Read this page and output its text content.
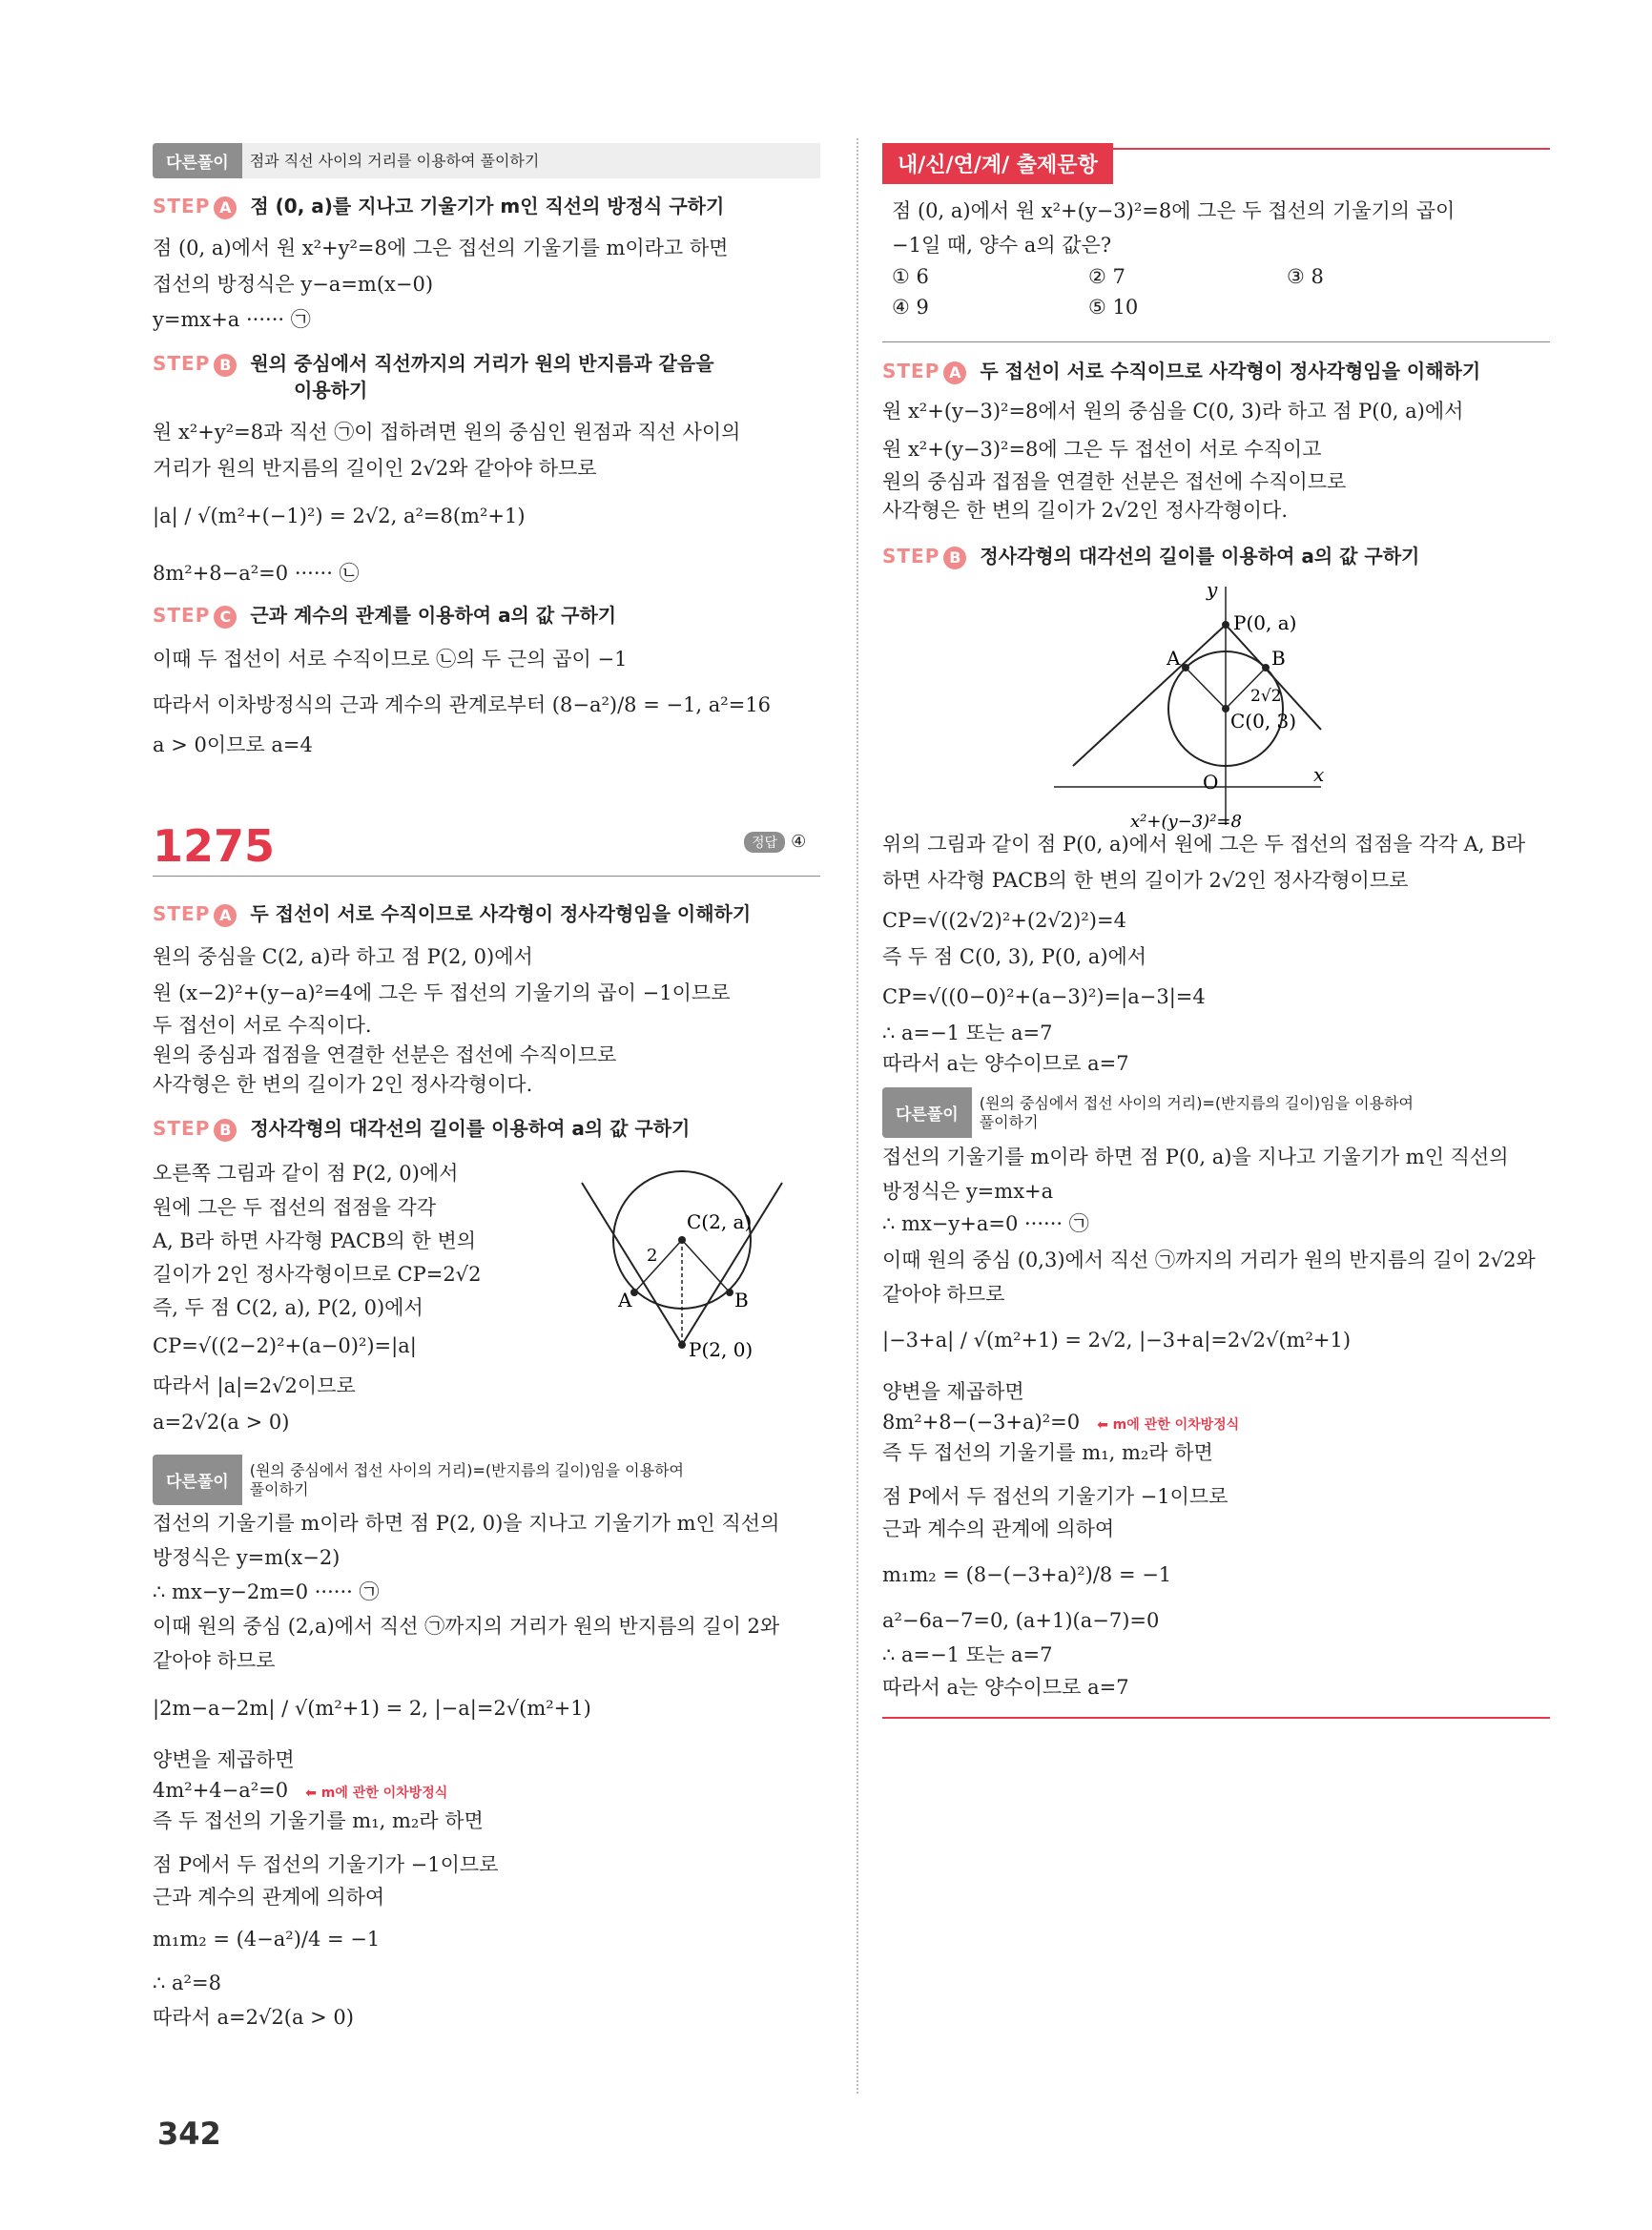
다른풀이	점과 직선 사이의 거리를 이용하여 풀이하기
STEP A 점 (0, a)를 지나고 기울기가 m인 직선의 방정식 구하기
점 (0, a)에서 원 x²+y²=8에 그은 접선의 기울기를 m이라고 하면
접선의 방정식은 y−a=m(x−0)
y=mx+a ······ ㉠
STEP B 원의 중심에서 직선까지의 거리가 원의 반지름과 같음을
이용하기
원 x²+y²=8과 직선 ㉠이 접하려면 원의 중심인 원점과 직선 사이의
거리가 원의 반지름의 길이인 2√2와 같아야 하므로
|a| / √(m²+(−1)²) = 2√2, a²=8(m²+1)
8m²+8−a²=0 ······ ㉡
STEP C 근과 계수의 관계를 이용하여 a의 값 구하기
이때 두 접선이 서로 수직이므로 ㉡의 두 근의 곱이 −1
따라서 이차방정식의 근과 계수의 관계로부터 (8−a²)/8 = −1, a²=16
a > 0이므로 a=4
1275	정답 ④
STEP A 두 접선이 서로 수직이므로 사각형이 정사각형임을 이해하기
원의 중심을 C(2, a)라 하고 점 P(2, 0)에서
원 (x−2)²+(y−a)²=4에 그은 두 접선의 기울기의 곱이 −1이므로
두 접선이 서로 수직이다.
원의 중심과 접점을 연결한 선분은 접선에 수직이므로
사각형은 한 변의 길이가 2인 정사각형이다.
STEP B 정사각형의 대각선의 길이를 이용하여 a의 값 구하기
오른쪽 그림과 같이 점 P(2, 0)에서
원에 그은 두 접선의 접점을 각각
A, B라 하면 사각형 PACB의 한 변의
길이가 2인 정사각형이므로 CP=2√2
즉, 두 점 C(2, a), P(2, 0)에서
CP=√((2−2)²+(a−0)²)=|a|
따라서 |a|=2√2이므로
a=2√2(a > 0)
C(2, a)
P(2, 0)
A	B
2
다른풀이
(원의 중심에서 접선 사이의 거리)=(반지름의 길이)임을 이용하여
풀이하기
접선의 기울기를 m이라 하면 점 P(2, 0)을 지나고 기울기가 m인 직선의
방정식은 y=m(x−2)
∴ mx−y−2m=0 ······ ㉠
이때 원의 중심 (2,a)에서 직선 ㉠까지의 거리가 원의 반지름의 길이 2와
같아야 하므로
|2m−a−2m| / √(m²+1) = 2, |−a|=2√(m²+1)
양변을 제곱하면
4m²+4−a²=0 ⬅ m에 관한 이차방정식
즉 두 접선의 기울기를 m₁, m₂라 하면
점 P에서 두 접선의 기울기가 −1이므로
근과 계수의 관계에 의하여
m₁m₂ = (4−a²)/4 = −1
∴ a²=8
따라서 a=2√2(a > 0)
내/신/연/계/ 출제문항
점 (0, a)에서 원 x²+(y−3)²=8에 그은 두 접선의 기울기의 곱이
−1일 때, 양수 a의 값은?
① 6	② 7	③ 8
④ 9	⑤ 10
STEP A 두 접선이 서로 수직이므로 사각형이 정사각형임을 이해하기
원 x²+(y−3)²=8에서 원의 중심을 C(0, 3)라 하고 점 P(0, a)에서
원 x²+(y−3)²=8에 그은 두 접선이 서로 수직이고
원의 중심과 접점을 연결한 선분은 접선에 수직이므로
사각형은 한 변의 길이가 2√2인 정사각형이다.
STEP B 정사각형의 대각선의 길이를 이용하여 a의 값 구하기
x
y
O
P(0, a)
C(0, 3)
A	B
2√2
x²+(y−3)²=8
위의 그림과 같이 점 P(0, a)에서 원에 그은 두 접선의 접점을 각각 A, B라
하면 사각형 PACB의 한 변의 길이가 2√2인 정사각형이므로
CP=√((2√2)²+(2√2)²)=4
즉 두 점 C(0, 3), P(0, a)에서
CP=√((0−0)²+(a−3)²)=|a−3|=4
∴ a=−1 또는 a=7
따라서 a는 양수이므로 a=7
다른풀이
(원의 중심에서 접선 사이의 거리)=(반지름의 길이)임을 이용하여
풀이하기
접선의 기울기를 m이라 하면 점 P(0, a)을 지나고 기울기가 m인 직선의
방정식은 y=mx+a
∴ mx−y+a=0 ······ ㉠
이때 원의 중심 (0,3)에서 직선 ㉠까지의 거리가 원의 반지름의 길이 2√2와
같아야 하므로
|−3+a| / √(m²+1) = 2√2, |−3+a|=2√2√(m²+1)
양변을 제곱하면
8m²+8−(−3+a)²=0 ⬅ m에 관한 이차방정식
즉 두 접선의 기울기를 m₁, m₂라 하면
점 P에서 두 접선의 기울기가 −1이므로
근과 계수의 관계에 의하여
m₁m₂ = (8−(−3+a)²)/8 = −1
a²−6a−7=0, (a+1)(a−7)=0
∴ a=−1 또는 a=7
따라서 a는 양수이므로 a=7
342
